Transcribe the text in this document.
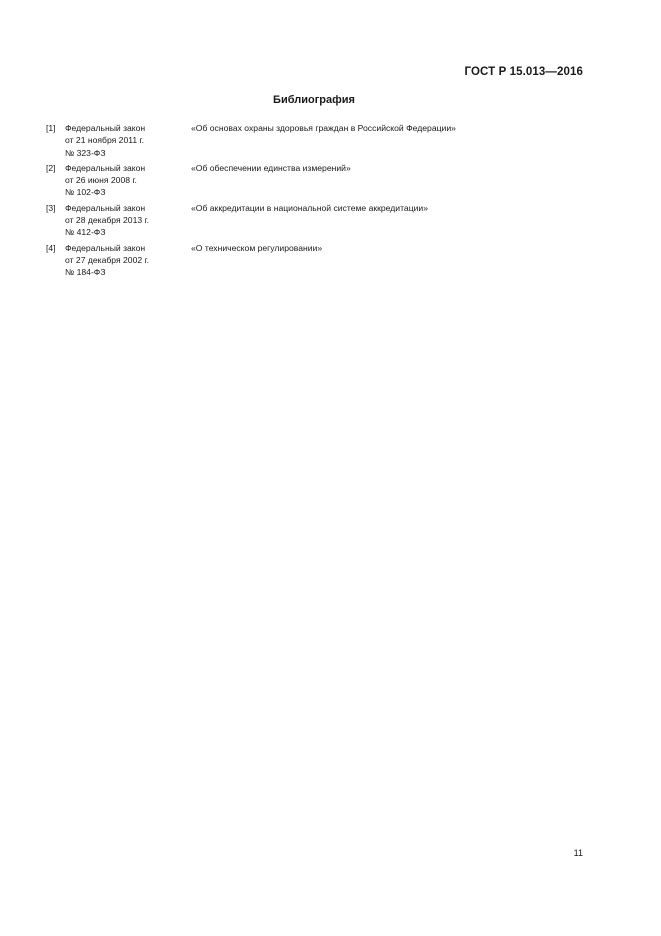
ГОСТ Р 15.013—2016
Библиография
[1]	Федеральный закон
от 21 ноября 2011 г.
№ 323-ФЗ
«Об основах охраны здоровья граждан в Российской Федерации»
[2]	Федеральный закон
от 26 июня 2008 г.
№ 102-ФЗ
«Об обеспечении единства измерений»
[3]	Федеральный закон
от 28 декабря 2013 г.
№ 412-ФЗ
«Об аккредитации в национальной системе аккредитации»
[4]	Федеральный закон
от 27 декабря 2002 г.
№ 184-ФЗ
«О техническом регулировании»
11
